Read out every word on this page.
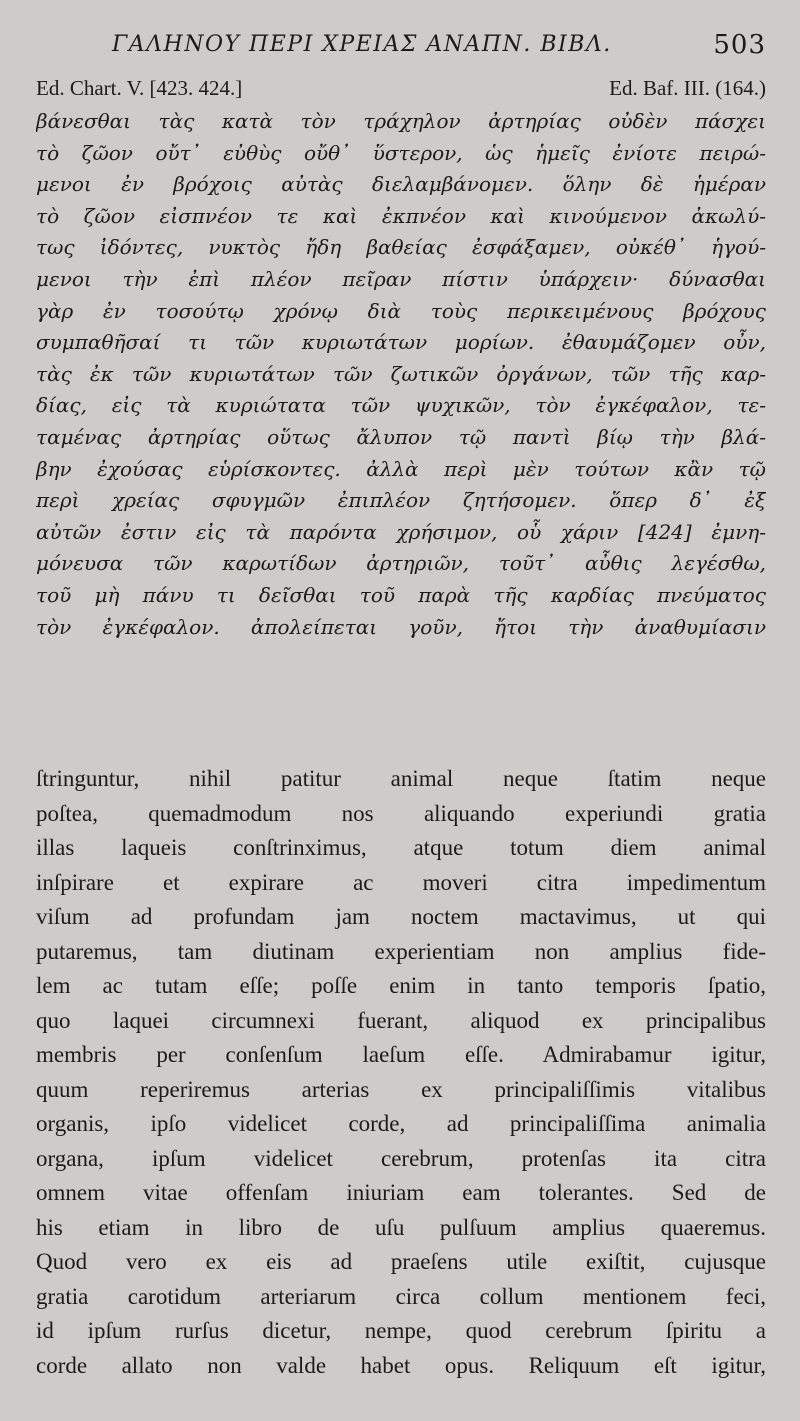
ΓΑΛΗΝΟΥ ΠΕΡΙ ΧΡΕΙΑΣ ΑΝΑΠΝ. ΒΙΒΛ.	503
Ed. Chart. V. [423. 424.]	Ed. Baf. III. (164.)
βάνεσθαι τὰς κατὰ τὸν τράχηλον ἀρτηρίας οὐδὲν πάσχει
τὸ ζῶον οὔτ᾽ εὐθὺς οὔθ᾽ ὕστερον, ὡς ἡμεῖς ἐνίοτε πειρώ-
μενοι ἐν βρόχοις αὐτὰς διελαμβάνομεν. ὅλην δὲ ἡμέραν
τὸ ζῶον εἰσπνέον τε καὶ ἐκπνέον καὶ κινούμενον ἀκωλύ-
τως ἰδόντες, νυκτὸς ἤδη βαθείας ἐσφάξαμεν, οὐκέθ᾽ ἡγού-
μενοι τὴν ἐπὶ πλέον πεῖραν πίστιν ὑπάρχειν· δύνασθαι
γὰρ ἐν τοσούτῳ χρόνῳ διὰ τοὺς περικειμένους βρόχους
συμπαθῆσαί τι τῶν κυριωτάτων μορίων. ἐθαυμάζομεν οὖν,
τὰς ἐκ τῶν κυριωτάτων τῶν ζωτικῶν ὀργάνων, τῶν τῆς καρ-
δίας, εἰς τὰ κυριώτατα τῶν ψυχικῶν, τὸν ἐγκέφαλον, τε-
ταμένας ἀρτηρίας οὕτως ἄλυπον τῷ παντὶ βίῳ τὴν βλά-
βην ἐχούσας εὑρίσκοντες. ἀλλὰ περὶ μὲν τούτων κἂν τῷ
περὶ χρείας σφυγμῶν ἐπιπλέον ζητήσομεν. ὅπερ δ᾽ ἐξ
αὐτῶν ἐστιν εἰς τὰ παρόντα χρήσιμον, οὗ χάριν [424] ἐμνη-
μόνευσα τῶν καρωτίδων ἀρτηριῶν, τοῦτ᾽ αὖθις λεγέσθω,
τοῦ μὴ πάνυ τι δεῖσθαι τοῦ παρὰ τῆς καρδίας πνεύματος
τὸν ἐγκέφαλον. ἀπολείπεται γοῦν, ἤτοι τὴν ἀναθυμίασιν
ſtringuntur, nihil patitur animal neque ſtatim neque
poſtea, quemadmodum nos aliquando experiundi gratia
illas laqueis conſtrinximus, atque totum diem animal
inſpirare et expirare ac moveri citra impedimentum
viſum ad profundam jam noctem mactavimus, ut qui
putaremus, tam diutinam experientiam non amplius fide-
lem ac tutam eſſe; poſſe enim in tanto temporis ſpatio,
quo laquei circumnexi fuerant, aliquod ex principalibus
membris per conſenſum laeſum eſſe. Admirabamur igitur,
quum reperiremus arterias ex principaliſſimis vitalibus
organis, ipſo videlicet corde, ad principaliſſima animalia
organa, ipſum videlicet cerebrum, protenſas ita citra
omnem vitae offenſam iniuriam eam tolerantes. Sed de
his etiam in libro de uſu pulſuum amplius quaeremus.
Quod vero ex eis ad praeſens utile exiſtit, cujusque
gratia carotidum arteriarum circa collum mentionem feci,
id ipſum rurſus dicetur, nempe, quod cerebrum ſpiritu a
corde allato non valde habet opus. Reliquum eſt igitur,
